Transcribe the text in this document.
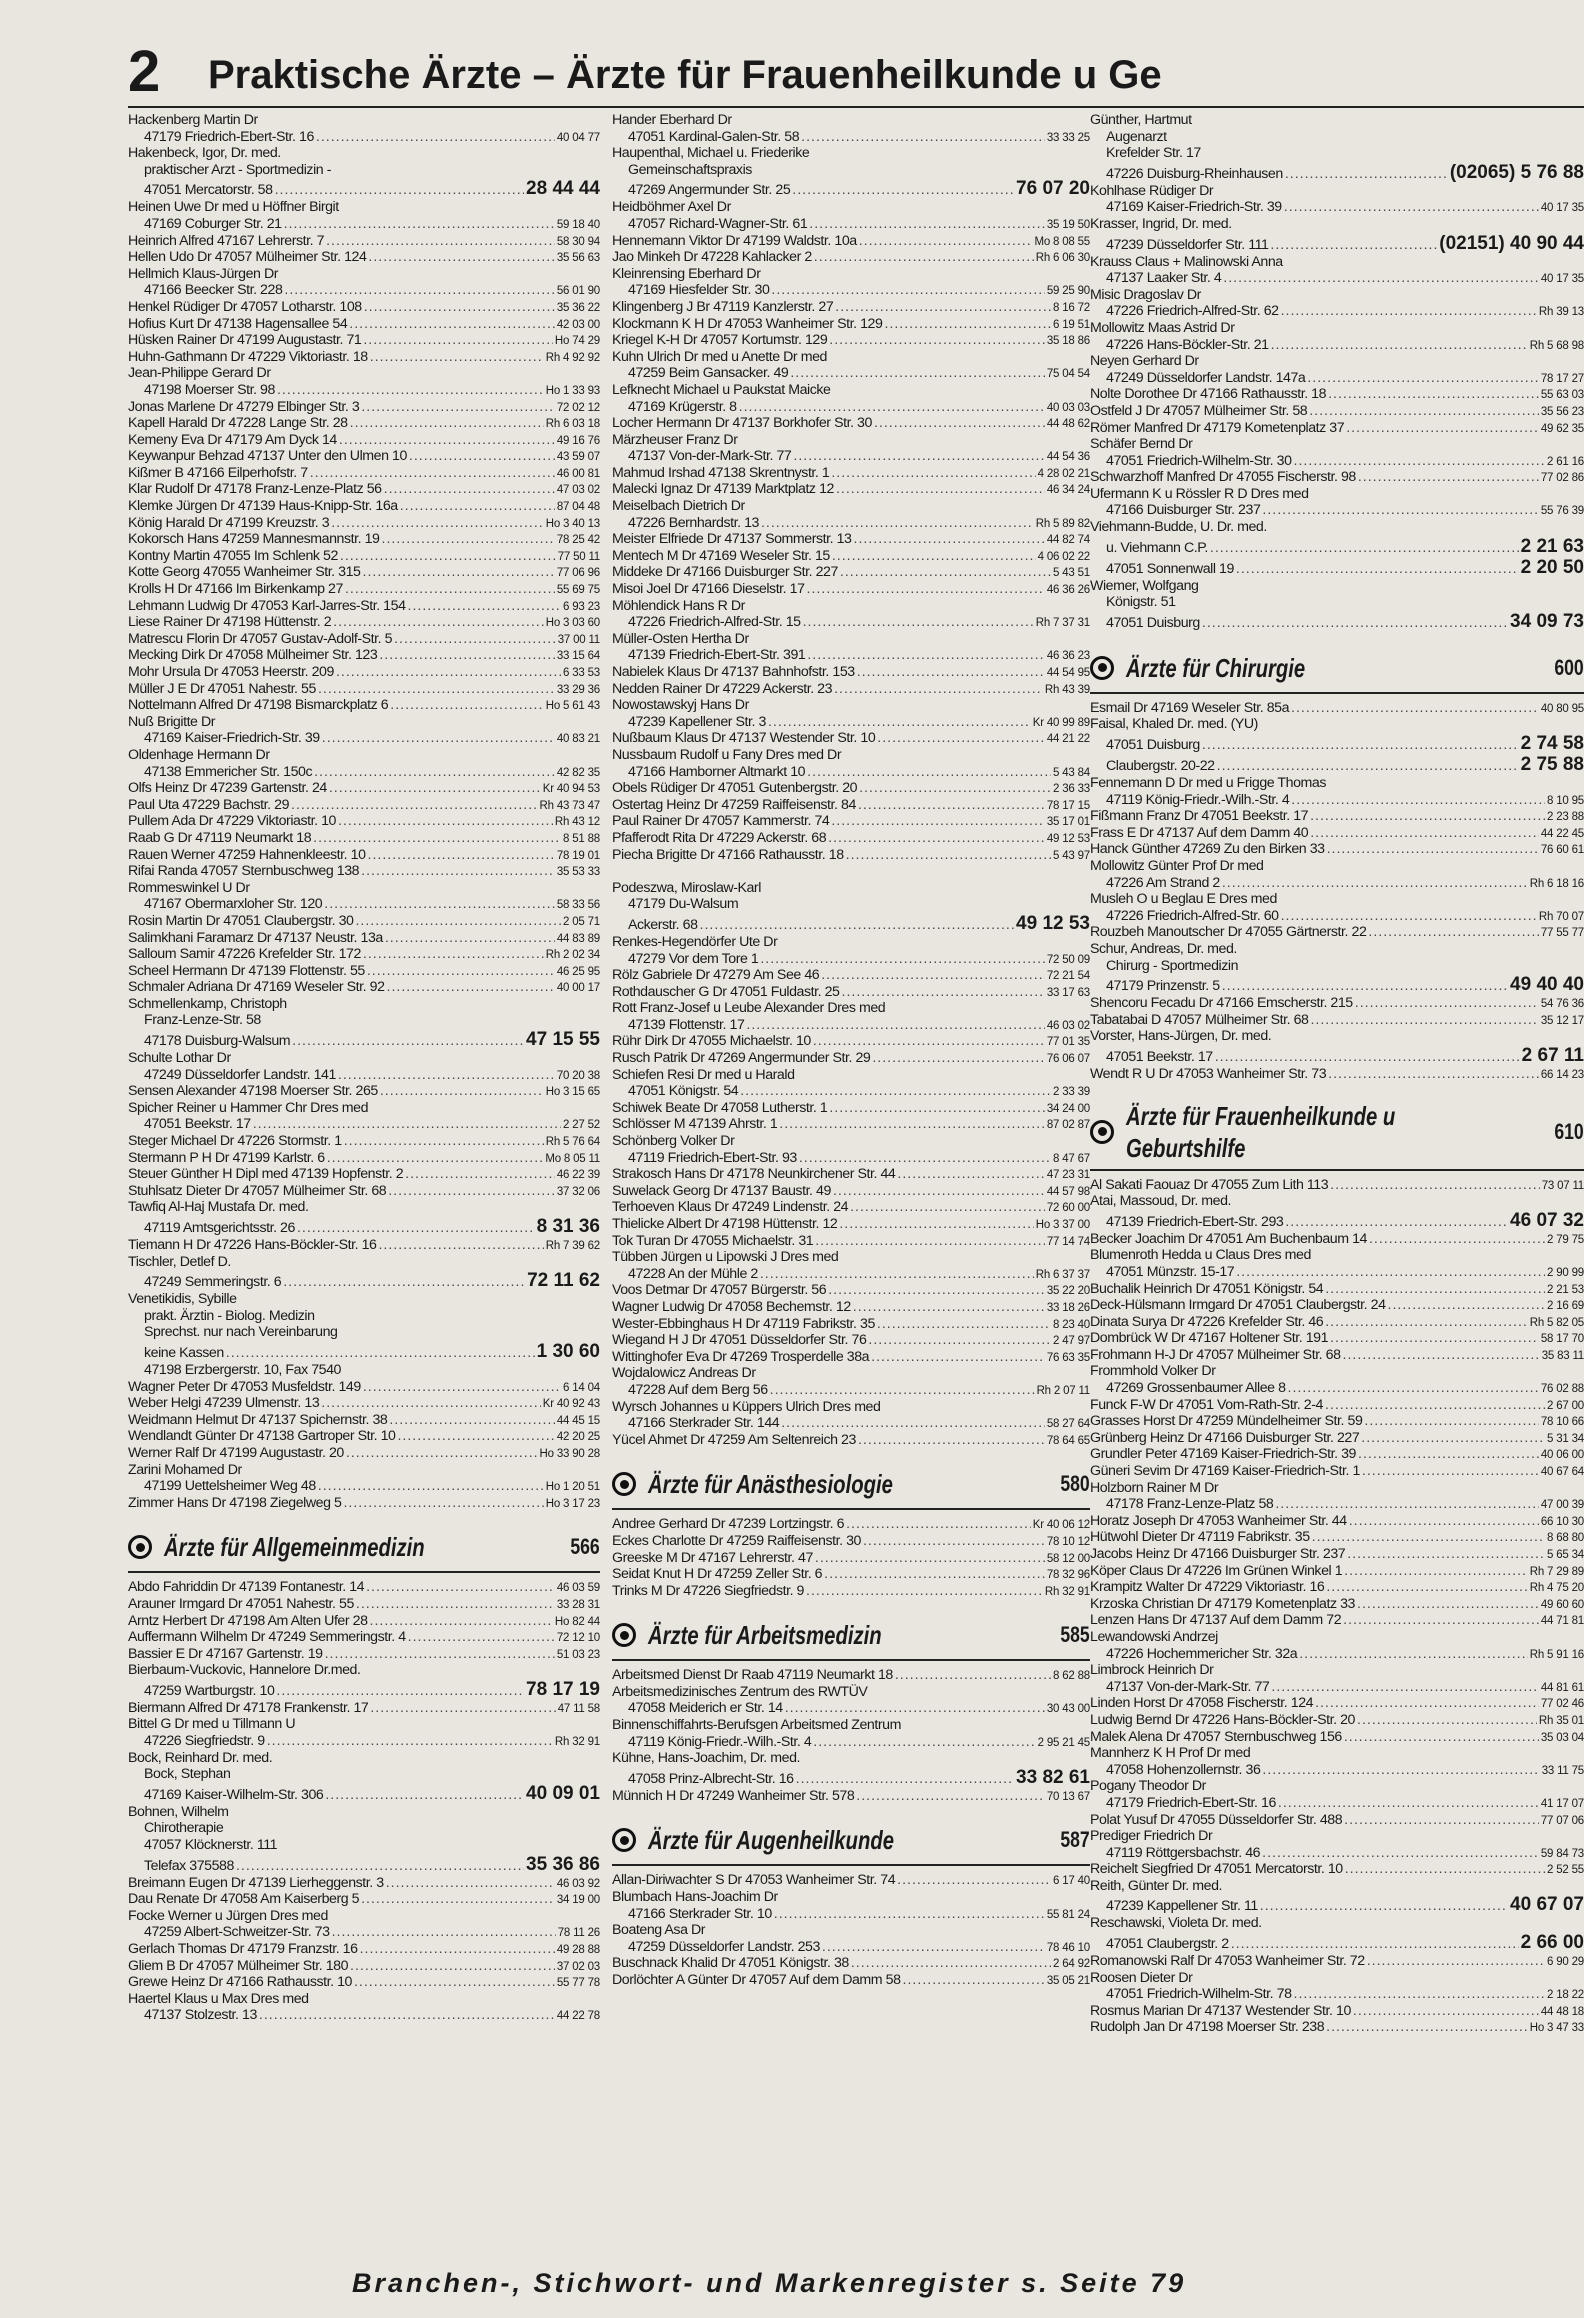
2 Praktische Ärzte – Ärzte für Frauenheilkunde u Ge
Hackenberg Martin Dr
47179 Friedrich-Ebert-Str. 16 .....	40 04 77
Hakenbeck, Igor, Dr. med.
praktischer Arzt - Sportmedizin -
47051 Mercatorstr. 58 .....	28 44 44
Heinen Uwe Dr med u Höffner Birgit
47169 Coburger Str. 21 .....	59 18 40
Heinrich Alfred 47167 Lehrerstr. 7 .....	58 30 94
Hellen Udo Dr 47057 Mülheimer Str. 124 .....	35 56 63
Hellmich Klaus-Jürgen Dr
47166 Beecker Str. 228 .....	56 01 90
Henkel Rüdiger Dr 47057 Lotharstr. 108 .....	35 36 22
Hofius Kurt Dr 47138 Hagensallee 54 .....	42 03 00
Hüsken Rainer Dr 47199 Augustastr. 71 .....	Ho 74 29
Huhn-Gathmann Dr 47229 Viktoriastr. 18 .....	Rh 4 92 92
Jean-Philippe Gerard Dr
47198 Moerser Str. 98 .....	Ho 1 33 93
Jonas Marlene Dr 47279 Elbinger Str. 3 .....	72 02 12
Kapell Harald Dr 47228 Lange Str. 28 .....	Rh 6 03 18
Kemeny Eva Dr 47179 Am Dyck 14 .....	49 16 76
Keywanpur Behzad 47137 Unter den Ulmen 10 .....	43 59 07
Kißmer B 47166 Eilperhofstr. 7 .....	46 00 81
Klar Rudolf Dr 47178 Franz-Lenze-Platz 56 .....	47 03 02
Klemke Jürgen Dr 47139 Haus-Knipp-Str. 16a .....	87 04 48
König Harald Dr 47199 Kreuzstr. 3 .....	Ho 3 40 13
Kokorsch Hans 47259 Mannesmannstr. 19 .....	78 25 42
Kontny Martin 47055 Im Schlenk 52 .....	77 50 11
Kotte Georg 47055 Wanheimer Str. 315 .....	77 06 96
Krolls H Dr 47166 Im Birkenkamp 27 .....	55 69 75
Lehmann Ludwig Dr 47053 Karl-Jarres-Str. 154 .....	6 93 23
Liese Rainer Dr 47198 Hüttenstr. 2 .....	Ho 3 03 60
Matrescu Florin Dr 47057 Gustav-Adolf-Str. 5 .....	37 00 11
Mecking Dirk Dr 47058 Mülheimer Str. 123 .....	33 15 64
Mohr Ursula Dr 47053 Heerstr. 209 .....	6 33 53
Müller J E Dr 47051 Nahestr. 55 .....	33 29 36
Nottelmann Alfred Dr 47198 Bismarckplatz 6 .....	Ho 5 61 43
Nuß Brigitte Dr
47169 Kaiser-Friedrich-Str. 39 .....	40 83 21
Oldenhage Hermann Dr
47138 Emmericher Str. 150c .....	42 82 35
Olfs Heinz Dr 47239 Gartenstr. 24 .....	Kr 40 94 53
Paul Uta 47229 Bachstr. 29 .....	Rh 43 73 47
Pullem Ada Dr 47229 Viktoriastr. 10 .....	Rh 43 12
Raab G Dr 47119 Neumarkt 18 .....	8 51 88
Rauen Werner 47259 Hahnenkleestr. 10 .....	78 19 01
Rifai Randa 47057 Sternbuschweg 138 .....	35 53 33
Rommeswinkel U Dr
47167 Obermarxloher Str. 120 .....	58 33 56
Rosin Martin Dr 47051 Claubergstr. 30 .....	2 05 71
Salimkhani Faramarz Dr 47137 Neustr. 13a .....	44 83 89
Salloum Samir 47226 Krefelder Str. 172 .....	Rh 2 02 34
Scheel Hermann Dr 47139 Flottenstr. 55 .....	46 25 95
Schmaler Adriana Dr 47169 Weseler Str. 92 .....	40 00 17
Schmellenkamp, Christoph
Franz-Lenze-Str. 58
47178 Duisburg-Walsum .....	47 15 55
Schulte Lothar Dr
47249 Düsseldorfer Landstr. 141 .....	70 20 38
Sensen Alexander 47198 Moerser Str. 265 .....	Ho 3 15 65
Spicher Reiner u Hammer Chr Dres med
47051 Beekstr. 17 .....	2 27 52
Steger Michael Dr 47226 Stormstr. 1 .....	Rh 5 76 64
Stermann P H Dr 47199 Karlstr. 6 .....	Mo 8 05 11
Steuer Günther H Dipl med 47139 Hopfenstr. 2 .....	46 22 39
Stuhlsatz Dieter Dr 47057 Mülheimer Str. 68 .....	37 32 06
Tawfiq Al-Haj Mustafa Dr. med.
47119 Amtsgerichtsstr. 26 .....	8 31 36
Tiemann H Dr 47226 Hans-Böckler-Str. 16 .....	Rh 7 39 62
Tischler, Detlef D.
47249 Semmeringstr. 6 .....	72 11 62
Venetikidis, Sybille
prakt. Ärztin - Biolog. Medizin
Sprechst. nur nach Vereinbarung
keine Kassen .....	1 30 60
47198 Erzbergerstr. 10, Fax 7540
Wagner Peter Dr 47053 Musfeldstr. 149 .....	6 14 04
Weber Helgi 47239 Ulmenstr. 13 .....	Kr 40 92 43
Weidmann Helmut Dr 47137 Spichernstr. 38 .....	44 45 15
Wendlandt Günter Dr 47138 Gartroper Str. 10 .....	42 20 25
Werner Ralf Dr 47199 Augustastr. 20 .....	Ho 33 90 28
Zarini Mohamed Dr
47199 Uettelsheimer Weg 48 .....	Ho 1 20 51
Zimmer Hans Dr 47198 Ziegelweg 5 .....	Ho 3 17 23
Ärzte für Allgemeinmedizin	566
Abdo Fahriddin Dr 47139 Fontanestr. 14 .....	46 03 59
Arauner Irmgard Dr 47051 Nahestr. 55 .....	33 28 31
Arntz Herbert Dr 47198 Am Alten Ufer 28 .....	Ho 82 44
Auffermann Wilhelm Dr 47249 Semmeringstr. 4 .....	72 12 10
Bassier E Dr 47167 Gartenstr. 19 .....	51 03 23
Bierbaum-Vuckovic, Hannelore Dr.med.
47259 Wartburgstr. 10 .....	78 17 19
Biermann Alfred Dr 47178 Frankenstr. 17 .....	47 11 58
Bittel G Dr med u Tillmann U
47226 Siegfriedstr. 9 .....	Rh 32 91
Bock, Reinhard Dr. med.
Bock, Stephan
47169 Kaiser-Wilhelm-Str. 306 .....	40 09 01
Bohnen, Wilhelm
Chirotherapie
47057 Klöcknerstr. 111
Telefax 375588 .....	35 36 86
Breimann Eugen Dr 47139 Lierheggenstr. 3 .....	46 03 92
Dau Renate Dr 47058 Am Kaiserberg 5 .....	34 19 00
Focke Werner u Jürgen Dres med
47259 Albert-Schweitzer-Str. 73 .....	78 11 26
Gerlach Thomas Dr 47179 Franzstr. 16 .....	49 28 88
Gliem B Dr 47057 Mülheimer Str. 180 .....	37 02 03
Grewe Heinz Dr 47166 Rathausstr. 10 .....	55 77 78
Haertel Klaus u Max Dres med
47137 Stolzestr. 13 .....	44 22 78
Hander Eberhard Dr
47051 Kardinal-Galen-Str. 58 .....	33 33 25
Haupenthal, Michael u. Friederike
Gemeinschaftspraxis
47269 Angermunder Str. 25 .....	76 07 20
Heidböhmer Axel Dr
47057 Richard-Wagner-Str. 61 .....	35 19 50
Hennemann Viktor Dr 47199 Waldstr. 10a .....	Mo 8 08 55
Jao Minkeh Dr 47228 Kahlacker 2 .....	Rh 6 06 30
Kleinrensing Eberhard Dr
47169 Hiesfelder Str. 30 .....	59 25 90
Klingenberg J Br 47119 Kanzlerstr. 27 .....	8 16 72
Klockmann K H Dr 47053 Wanheimer Str. 129 .....	6 19 51
Kriegel K-H Dr 47057 Kortumstr. 129 .....	35 18 86
Kuhn Ulrich Dr med u Anette Dr med
47259 Beim Gansacker. 49 .....	75 04 54
Lefknecht Michael u Paukstat Maicke
47169 Krügerstr. 8 .....	40 03 03
Locher Hermann Dr 47137 Borkhofer Str. 30 .....	44 48 62
Märzheuser Franz Dr
47137 Von-der-Mark-Str. 77 .....	44 54 36
Mahmud Irshad 47138 Skrentnystr. 1 .....	4 28 02 21
Malecki Ignaz Dr 47139 Marktplatz 12 .....	46 34 24
Meiselbach Dietrich Dr
47226 Bernhardstr. 13 .....	Rh 5 89 82
Meister Elfriede Dr 47137 Sommerstr. 13 .....	44 82 74
Mentech M Dr 47169 Weseler Str. 15 .....	4 06 02 22
Middeke Dr 47166 Duisburger Str. 227 .....	5 43 51
Misoi Joel Dr 47166 Dieselstr. 17 .....	46 36 26
Möhlendick Hans R Dr
47226 Friedrich-Alfred-Str. 15 .....	Rh 7 37 31
Müller-Osten Hertha Dr
47139 Friedrich-Ebert-Str. 391 .....	46 36 23
Nabielek Klaus Dr 47137 Bahnhofstr. 153 .....	44 54 95
Nedden Rainer Dr 47229 Ackerstr. 23 .....	Rh 43 39
Nowostawskyj Hans Dr
47239 Kapellener Str. 3 .....	Kr 40 99 89
Nußbaum Klaus Dr 47137 Westender Str. 10 .....	44 21 22
Nussbaum Rudolf u Fany Dres med Dr
47166 Hamborner Altmarkt 10 .....	5 43 84
Obels Rüdiger Dr 47051 Gutenbergstr. 20 .....	2 36 33
Ostertag Heinz Dr 47259 Raiffeisenstr. 84 .....	78 17 15
Paul Rainer Dr 47057 Kammerstr. 74 .....	35 17 01
Pfafferodt Rita Dr 47229 Ackerstr. 68 .....	49 12 53
Piecha Brigitte Dr 47166 Rathausstr. 18 .....	5 43 97
Podeszwa, Miroslaw-Karl
47179 Du-Walsum
Ackerstr. 68 .....	49 12 53
Renkes-Hegendörfer Ute Dr
47279 Vor dem Tore 1 .....	72 50 09
Rölz Gabriele Dr 47279 Am See 46 .....	72 21 54
Rothdauscher G Dr 47051 Fuldastr. 25 .....	33 17 63
Rott Franz-Josef u Leube Alexander Dres med
47139 Flottenstr. 17 .....	46 03 02
Rühr Dirk Dr 47055 Michaelstr. 10 .....	77 01 35
Rusch Patrik Dr 47269 Angermunder Str. 29 .....	76 06 07
Schiefen Resi Dr med u Harald
47051 Königstr. 54 .....	2 33 39
Schiwek Beate Dr 47058 Lutherstr. 1 .....	34 24 00
Schlösser M 47139 Ahrstr. 1 .....	87 02 87
Schönberg Volker Dr
47119 Friedrich-Ebert-Str. 93 .....	8 47 67
Strakosch Hans Dr 47178 Neunkirchener Str. 44 .....	47 23 31
Suwelack Georg Dr 47137 Baustr. 49 .....	44 57 98
Terhoeven Klaus Dr 47249 Lindenstr. 24 .....	72 60 00
Thielicke Albert Dr 47198 Hüttenstr. 12 .....	Ho 3 37 00
Tok Turan Dr 47055 Michaelstr. 31 .....	77 14 74
Tübben Jürgen u Lipowski J Dres med
47228 An der Mühle 2 .....	Rh 6 37 37
Voos Detmar Dr 47057 Bürgerstr. 56 .....	35 22 20
Wagner Ludwig Dr 47058 Bechemstr. 12 .....	33 18 26
Wester-Ebbinghaus H Dr 47119 Fabrikstr. 35 .....	8 23 40
Wiegand H J Dr 47051 Düsseldorfer Str. 76 .....	2 47 97
Wittinghofer Eva Dr 47269 Trosperdelle 38a .....	76 63 35
Wojdalowicz Andreas Dr
47228 Auf dem Berg 56 .....	Rh 2 07 11
Wyrsch Johannes u Küppers Ulrich Dres med
47166 Sterkrader Str. 144 .....	58 27 64
Yücel Ahmet Dr 47259 Am Seltenreich 23 .....	78 64 65
Ärzte für Anästhesiologie	580
Andree Gerhard Dr 47239 Lortzingstr. 6 .....	Kr 40 06 12
Eckes Charlotte Dr 47259 Raiffeisenstr. 30 .....	78 10 12
Greeske M Dr 47167 Lehrerstr. 47 .....	58 12 00
Seidat Knut H Dr 47259 Zeller Str. 6 .....	78 32 96
Trinks M Dr 47226 Siegfriedstr. 9 .....	Rh 32 91
Ärzte für Arbeitsmedizin	585
Arbeitsmed Dienst Dr Raab 47119 Neumarkt 18 .....	8 62 88
Arbeitsmedizinisches Zentrum des RWTÜV
47058 Meiderich er Str. 14 .....	30 43 00
Binnenschiffahrts-Berufsgen Arbeitsmed Zentrum
47119 König-Friedr.-Wilh.-Str. 4 .....	2 95 21 45
Kühne, Hans-Joachim, Dr. med.
47058 Prinz-Albrecht-Str. 16 .....	33 82 61
Münnich H Dr 47249 Wanheimer Str. 578 .....	70 13 67
Ärzte für Augenheilkunde	587
Allan-Diriwachter S Dr 47053 Wanheimer Str. 74 .....	6 17 40
Blumbach Hans-Joachim Dr
47166 Sterkrader Str. 10 .....	55 81 24
Boateng Asa Dr
47259 Düsseldorfer Landstr. 253 .....	78 46 10
Buschnack Khalid Dr 47051 Königstr. 38 .....	2 64 92
Dorlöchter A Günter Dr 47057 Auf dem Damm 58 .....	35 05 21
Günther, Hartmut
Augenarzt
Krefelder Str. 17
47226 Duisburg-Rheinhausen .....	(02065) 5 76 88
Kohlhase Rüdiger Dr
47169 Kaiser-Friedrich-Str. 39 .....	40 17 35
Krasser, Ingrid, Dr. med.
47239 Düsseldorfer Str. 111 .....	(02151) 40 90 44
Krauss Claus + Malinowski Anna
47137 Laaker Str. 4 .....	40 17 35
Misic Dragoslav Dr
47226 Friedrich-Alfred-Str. 62 .....	Rh 39 13
Mollowitz Maas Astrid Dr
47226 Hans-Böckler-Str. 21 .....	Rh 5 68 98
Neyen Gerhard Dr
47249 Düsseldorfer Landstr. 147a .....	78 17 27
Nolte Dorothee Dr 47166 Rathausstr. 18 .....	55 63 03
Ostfeld J Dr 47057 Mülheimer Str. 58 .....	35 56 23
Römer Manfred Dr 47179 Kometenplatz 37 .....	49 62 35
Schäfer Bernd Dr
47051 Friedrich-Wilhelm-Str. 30 .....	2 61 16
Schwarzhoff Manfred Dr 47055 Fischerstr. 98 .....	77 02 86
Ufermann K u Rössler R D Dres med
47166 Duisburger Str. 237 .....	55 76 39
Viehmann-Budde, U. Dr. med.
u. Viehmann C.P. .....	2 21 63
47051 Sonnenwall 19 .....	2 20 50
Wiemer, Wolfgang
Königstr. 51
47051 Duisburg .....	34 09 73
Ärzte für Chirurgie	600
Esmail Dr 47169 Weseler Str. 85a .....	40 80 95
Faisal, Khaled Dr. med. (YU)
47051 Duisburg .....	2 74 58
Claubergstr. 20-22 .....	2 75 88
Fennemann D Dr med u Frigge Thomas
47119 König-Friedr.-Wilh.-Str. 4 .....	8 10 95
Fißmann Franz Dr 47051 Beekstr. 17 .....	2 23 88
Frass E Dr 47137 Auf dem Damm 40 .....	44 22 45
Hanck Günther 47269 Zu den Birken 33 .....	76 60 61
Mollowitz Günter Prof Dr med
47226 Am Strand 2 .....	Rh 6 18 16
Musleh O u Beglau E Dres med
47226 Friedrich-Alfred-Str. 60 .....	Rh 70 07
Rouzbeh Manoutscher Dr 47055 Gärtnerstr. 22 .....	77 55 77
Schur, Andreas, Dr. med.
Chirurg - Sportmedizin
47179 Prinzenstr. 5 .....	49 40 40
Shencoru Fecadu Dr 47166 Emscherstr. 215 .....	54 76 36
Tabatabai D 47057 Mülheimer Str. 68 .....	35 12 17
Vorster, Hans-Jürgen, Dr. med.
47051 Beekstr. 17 .....	2 67 11
Wendt R U Dr 47053 Wanheimer Str. 73 .....	66 14 23
Ärzte für Frauenheilkunde u Geburtshilfe
610
Al Sakati Faouaz Dr 47055 Zum Lith 113 .....	73 07 11
Atai, Massoud, Dr. med.
47139 Friedrich-Ebert-Str. 293 .....	46 07 32
Becker Joachim Dr 47051 Am Buchenbaum 14 .....	2 79 75
Blumenroth Hedda u Claus Dres med
47051 Münzstr. 15-17 .....	2 90 99
Buchalik Heinrich Dr 47051 Königstr. 54 .....	2 21 53
Deck-Hülsmann Irmgard Dr 47051 Claubergstr. 24 .....	2 16 69
Dinata Surya Dr 47226 Krefelder Str. 46 .....	Rh 5 82 05
Dombrück W Dr 47167 Holtener Str. 191 .....	58 17 70
Frohmann H-J Dr 47057 Mülheimer Str. 68 .....	35 83 11
Frommhold Volker Dr
47269 Grossenbaumer Allee 8 .....	76 02 88
Funck F-W Dr 47051 Vom-Rath-Str. 2-4 .....	2 67 00
Grasses Horst Dr 47259 Mündelheimer Str. 59 .....	78 10 66
Grünberg Heinz Dr 47166 Duisburger Str. 227 .....	5 31 34
Grundler Peter 47169 Kaiser-Friedrich-Str. 39 .....	40 06 00
Güneri Sevim Dr 47169 Kaiser-Friedrich-Str. 1 .....	40 67 64
Holzborn Rainer M Dr
47178 Franz-Lenze-Platz 58 .....	47 00 39
Horatz Joseph Dr 47053 Wanheimer Str. 44 .....	66 10 30
Hütwohl Dieter Dr 47119 Fabrikstr. 35 .....	8 68 80
Jacobs Heinz Dr 47166 Duisburger Str. 237 .....	5 65 34
Köper Claus Dr 47226 Im Grünen Winkel 1 .....	Rh 7 29 89
Krampitz Walter Dr 47229 Viktoriastr. 16 .....	Rh 4 75 20
Krzoska Christian Dr 47179 Kometenplatz 33 .....	49 60 60
Lenzen Hans Dr 47137 Auf dem Damm 72 .....	44 71 81
Lewandowski Andrzej
47226 Hochemmericher Str. 32a .....	Rh 5 91 16
Limbrock Heinrich Dr
47137 Von-der-Mark-Str. 77 .....	44 81 61
Linden Horst Dr 47058 Fischerstr. 124 .....	77 02 46
Ludwig Bernd Dr 47226 Hans-Böckler-Str. 20 .....	Rh 35 01
Malek Alena Dr 47057 Sternbuschweg 156 .....	35 03 04
Mannherz K H Prof Dr med
47058 Hohenzollernstr. 36 .....	33 11 75
Pogany Theodor Dr
47179 Friedrich-Ebert-Str. 16 .....	41 17 07
Polat Yusuf Dr 47055 Düsseldorfer Str. 488 .....	77 07 06
Prediger Friedrich Dr
47119 Röttgersbachstr. 46 .....	59 84 73
Reichelt Siegfried Dr 47051 Mercatorstr. 10 .....	2 52 55
Reith, Günter Dr. med.
47239 Kappellener Str. 11 .....	40 67 07
Reschawski, Violeta Dr. med.
47051 Claubergstr. 2 .....	2 66 00
Romanowski Ralf Dr 47053 Wanheimer Str. 72 .....	6 90 29
Roosen Dieter Dr
47051 Friedrich-Wilhelm-Str. 78 .....	2 18 22
Rosmus Marian Dr 47137 Westender Str. 10 .....	44 48 18
Rudolph Jan Dr 47198 Moerser Str. 238 .....	Ho 3 47 33
Branchen-, Stichwort- und Markenregister s. Seite 79
